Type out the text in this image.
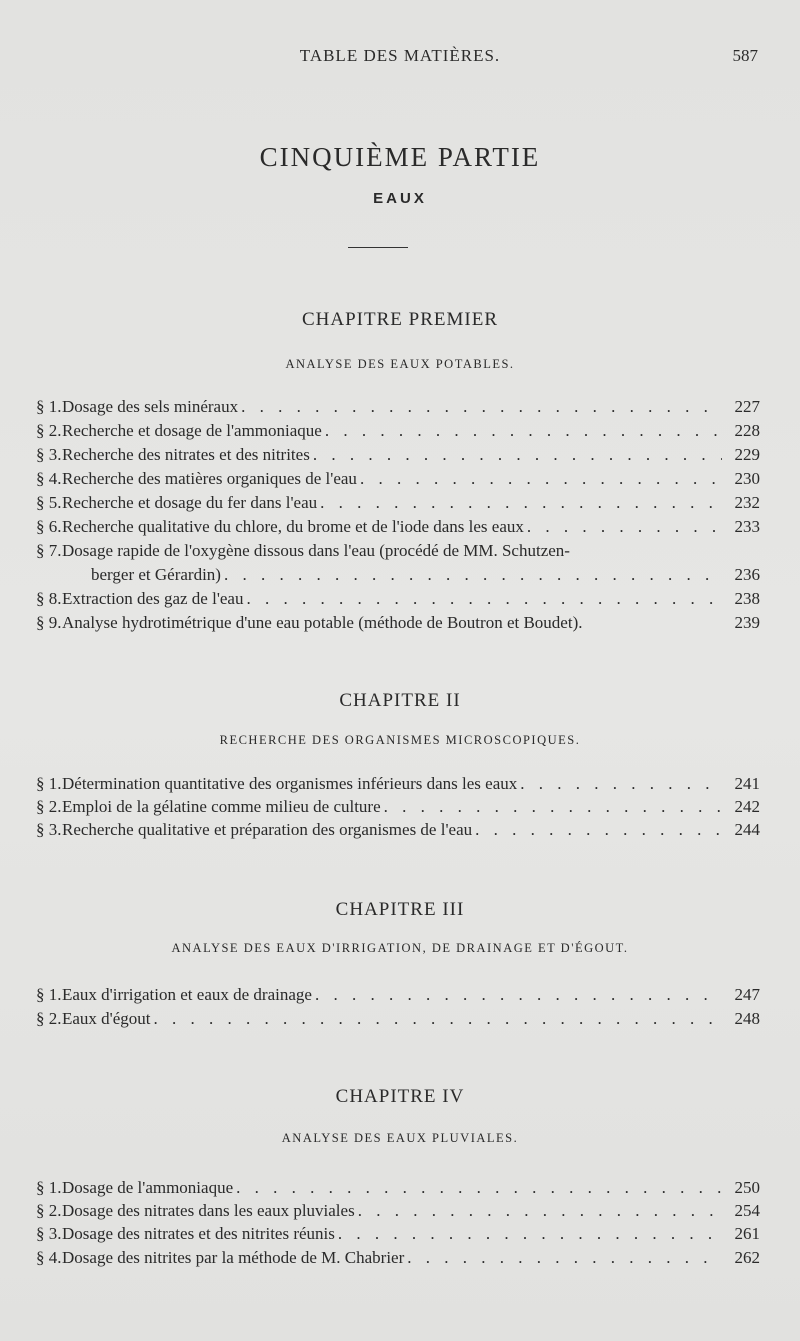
TABLE DES MATIÈRES.	587
CINQUIÈME PARTIE
EAUX
CHAPITRE PREMIER
ANALYSE DES EAUX POTABLES.
§ 1. Dosage des sels minéraux . . .	227
§ 2. Recherche et dosage de l'ammoniaque . . .	228
§ 3. Recherche des nitrates et des nitrites . . .	229
§ 4. Recherche des matières organiques de l'eau . . .	230
§ 5. Recherche et dosage du fer dans l'eau . . .	232
§ 6. Recherche qualitative du chlore, du brome et de l'iode dans les eaux . . .	233
§ 7. Dosage rapide de l'oxygène dissous dans l'eau (procédé de MM. Schutzen-
berger et Gérardin) . . .	236
§ 8. Extraction des gaz de l'eau . . .	238
§ 9. Analyse hydrotimétrique d'une eau potable (méthode de Boutron et Boudet).	239
CHAPITRE II
RECHERCHE DES ORGANISMES MICROSCOPIQUES.
§ 1. Détermination quantitative des organismes inférieurs dans les eaux . . .	241
§ 2. Emploi de la gélatine comme milieu de culture . . .	242
§ 3. Recherche qualitative et préparation des organismes de l'eau . . .	244
CHAPITRE III
ANALYSE DES EAUX D'IRRIGATION, DE DRAINAGE ET D'ÉGOUT.
§ 1. Eaux d'irrigation et eaux de drainage . . .	247
§ 2. Eaux d'égout . . .	248
CHAPITRE IV
ANALYSE DES EAUX PLUVIALES.
§ 1. Dosage de l'ammoniaque . . .	250
§ 2. Dosage des nitrates dans les eaux pluviales . . .	254
§ 3. Dosage des nitrates et des nitrites réunis . . .	261
§ 4. Dosage des nitrites par la méthode de M. Chabrier . . .	262
